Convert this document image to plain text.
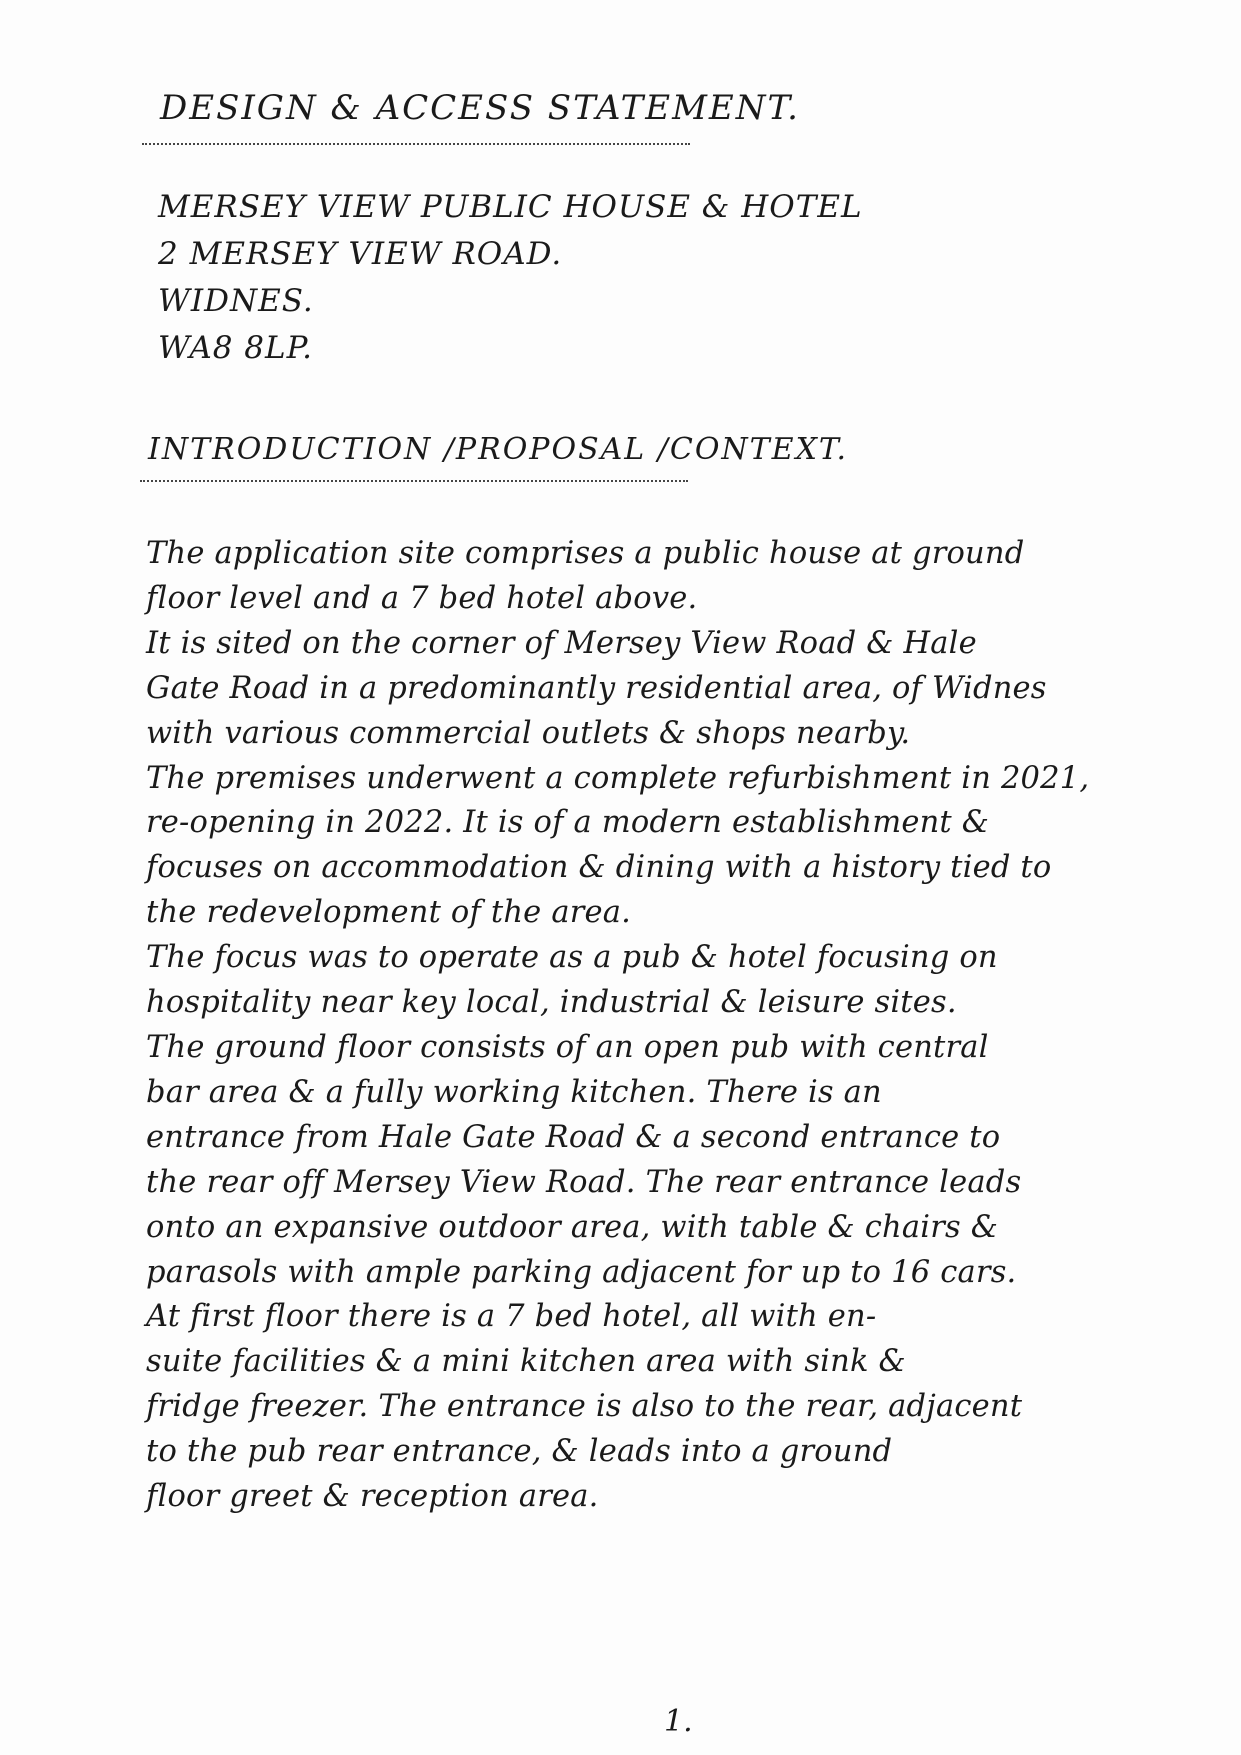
DESIGN & ACCESS STATEMENT.
MERSEY VIEW PUBLIC HOUSE & HOTEL
2 MERSEY VIEW ROAD.
WIDNES.
WA8 8LP.
INTRODUCTION /PROPOSAL /CONTEXT.
The application site comprises a public house at ground
floor level and a 7 bed hotel above.
It is sited on the corner of Mersey View Road & Hale
Gate Road in a predominantly residential area, of Widnes
with various commercial outlets & shops nearby.
The premises underwent a complete refurbishment in 2021,
re-opening in 2022. It is of a modern establishment &
focuses on accommodation & dining with a history tied to
the redevelopment of the area.
The focus was to operate as a pub & hotel focusing on
hospitality near key local, industrial & leisure sites.
The ground floor consists of an open pub with central
bar area & a fully working kitchen. There is an
entrance from Hale Gate Road & a second entrance to
the rear off Mersey View Road. The rear entrance leads
onto an expansive outdoor area, with table & chairs &
parasols with ample parking adjacent for up to 16 cars.
At first floor there is a 7 bed hotel, all with en-
suite facilities & a mini kitchen area with sink &
fridge freezer. The entrance is also to the rear, adjacent
to the pub rear entrance, & leads into a ground
floor greet & reception area.
1.
